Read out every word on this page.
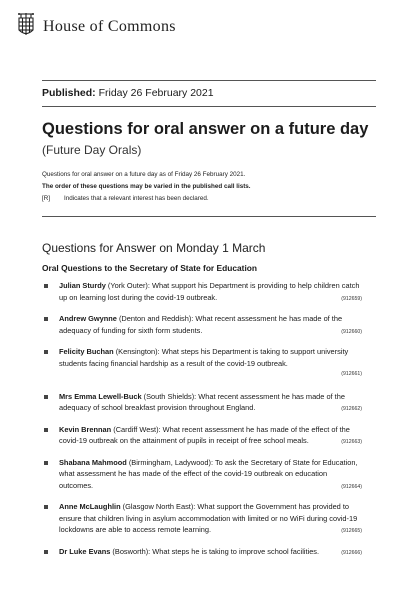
House of Commons
Published: Friday 26 February 2021
Questions for oral answer on a future day
(Future Day Orals)
Questions for oral answer on a future day as of Friday 26 February 2021.
The order of these questions may be varied in the published call lists.
[R] Indicates that a relevant interest has been declared.
Questions for Answer on Monday 1 March
Oral Questions to the Secretary of State for Education
Julian Sturdy (York Outer): What support his Department is providing to help children catch up on learning lost during the covid-19 outbreak.	(912659)
Andrew Gwynne (Denton and Reddish): What recent assessment he has made of the adequacy of funding for sixth form students.	(912660)
Felicity Buchan (Kensington): What steps his Department is taking to support university students facing financial hardship as a result of the covid-19 outbreak.
(912661)
Mrs Emma Lewell-Buck (South Shields): What recent assessment he has made of the adequacy of school breakfast provision throughout England.	(912662)
Kevin Brennan (Cardiff West): What recent assessment he has made of the effect of the covid-19 outbreak on the attainment of pupils in receipt of free school meals.	(912663)
Shabana Mahmood (Birmingham, Ladywood): To ask the Secretary of State for Education, what assessment he has made of the effect of the covid-19 outbreak on education outcomes.	(912664)
Anne McLaughlin (Glasgow North East): What support the Government has provided to ensure that children living in asylum accommodation with limited or no WiFi during covid-19 lockdowns are able to access remote learning.	(912665)
Dr Luke Evans (Bosworth): What steps he is taking to improve school facilities.	(912666)
